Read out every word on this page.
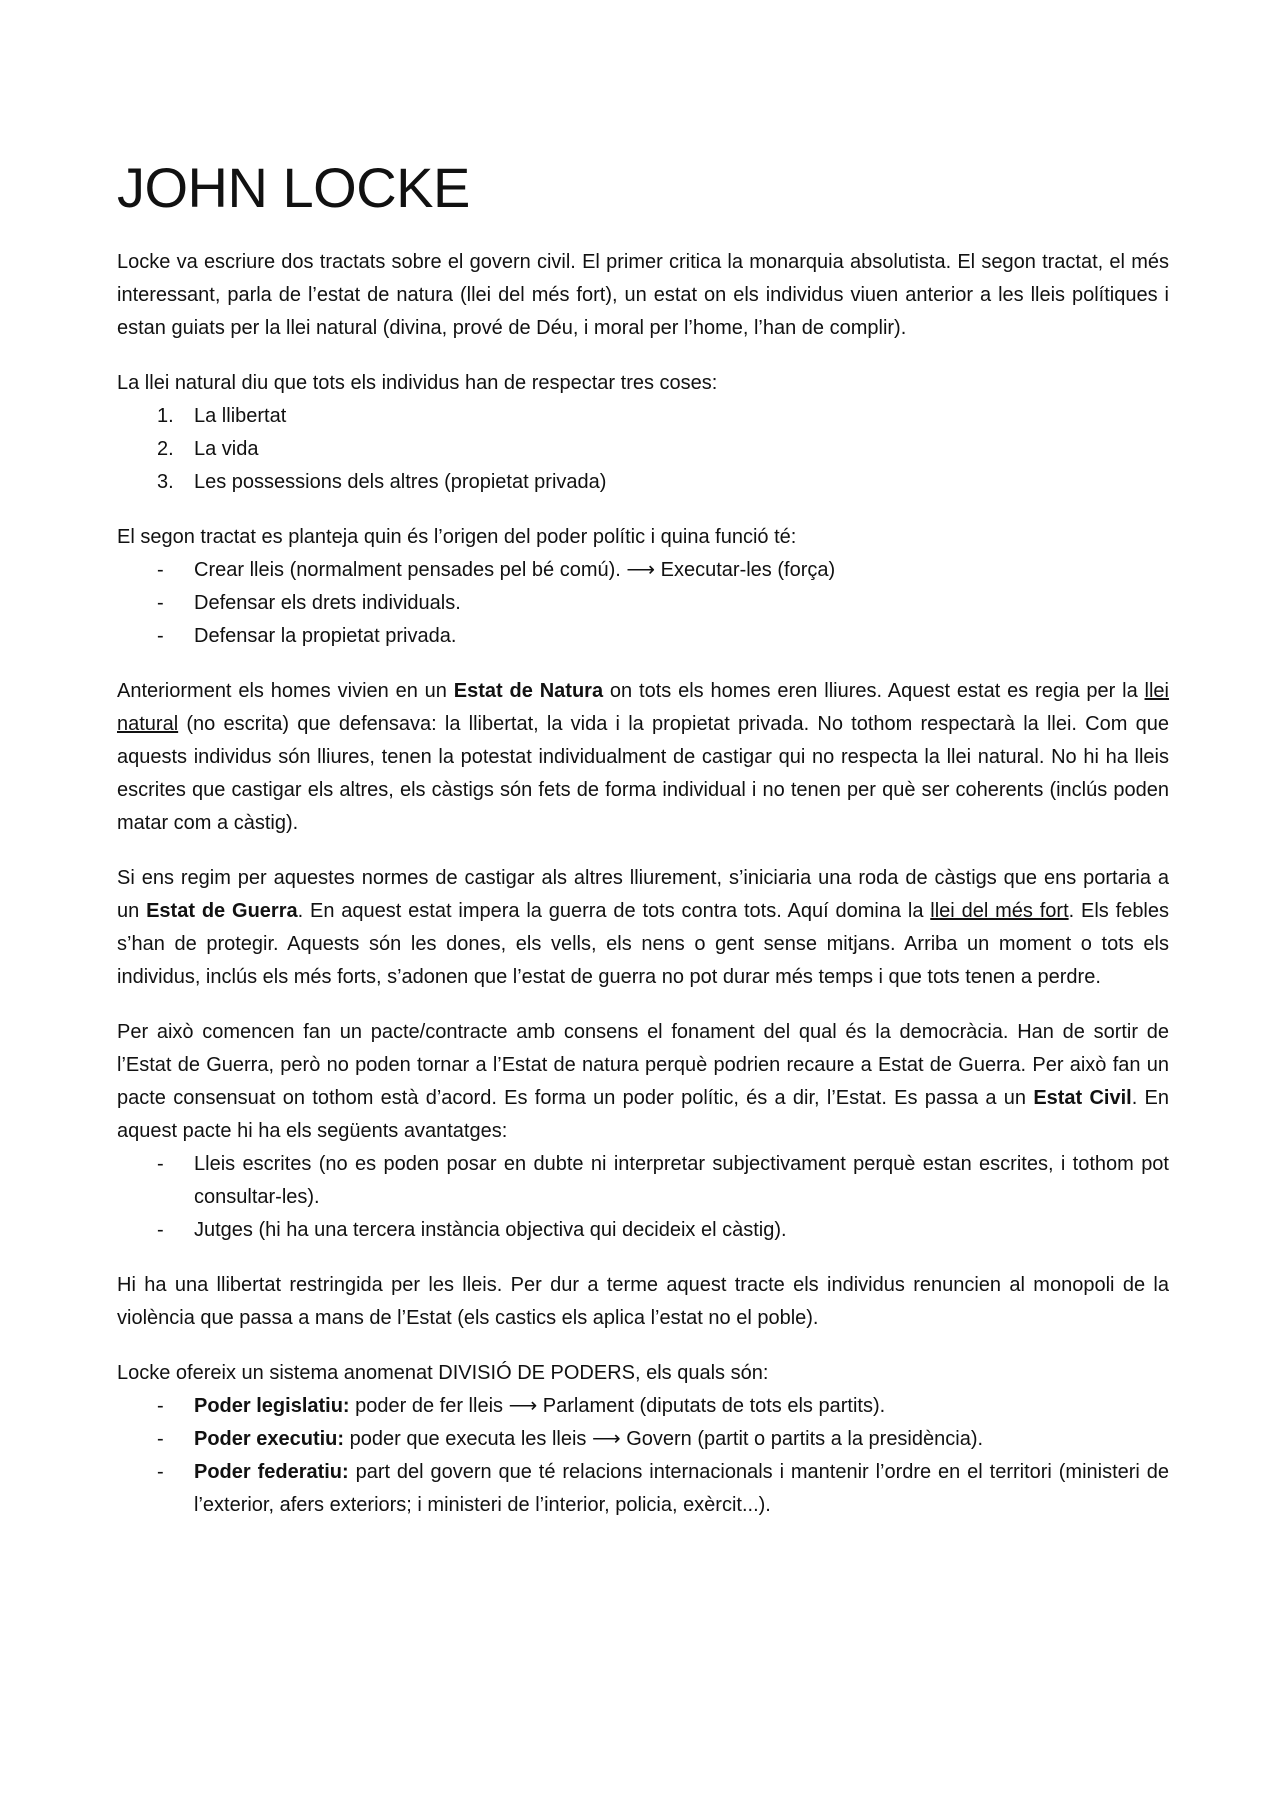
JOHN LOCKE

Locke va escriure dos tractats sobre el govern civil. El primer critica la monarquia absolutista. El segon tractat, el més interessant, parla de l’estat de natura (llei del més fort), un estat on els individus viuen anterior a les lleis polítiques i estan guiats per la llei natural (divina, prové de Déu, i moral per l’home, l’han de complir).

La llei natural diu que tots els individus han de respectar tres coses:

1. La llibertat
2. La vida
3. Les possessions dels altres (propietat privada)

El segon tractat es planteja quin és l’origen del poder polític i quina funció té:

- Crear lleis (normalment pensades pel bé comú). ⟶ Executar-les (força)
- Defensar els drets individuals.
- Defensar la propietat privada.

Anteriorment els homes vivien en un Estat de Natura on tots els homes eren lliures. Aquest estat es regia per la llei natural (no escrita) que defensava: la llibertat, la vida i la propietat privada. No tothom respectarà la llei. Com que aquests individus són lliures, tenen la potestat individualment de castigar qui no respecta la llei natural. No hi ha lleis escrites que castigar els altres, els càstigs són fets de forma individual i no tenen per què ser coherents (inclús poden matar com a càstig).

Si ens regim per aquestes normes de castigar als altres lliurement, s’iniciaria una roda de càstigs que ens portaria a un Estat de Guerra. En aquest estat impera la guerra de tots contra tots. Aquí domina la llei del més fort. Els febles s’han de protegir. Aquests són les dones, els vells, els nens o gent sense mitjans. Arriba un moment o tots els individus, inclús els més forts, s’adonen que l’estat de guerra no pot durar més temps i que tots tenen a perdre.

Per això comencen fan un pacte/contracte amb consens el fonament del qual és la democràcia. Han de sortir de l’Estat de Guerra, però no poden tornar a l’Estat de natura perquè podrien recaure a Estat de Guerra. Per això fan un pacte consensuat on tothom està d’acord. Es forma un poder polític, és a dir, l’Estat. Es passa a un Estat Civil. En aquest pacte hi ha els següents avantatges:

- Lleis escrites (no es poden posar en dubte ni interpretar subjectivament perquè estan escrites, i tothom pot consultar-les).
- Jutges (hi ha una tercera instància objectiva qui decideix el càstig).

Hi ha una llibertat restringida per les lleis. Per dur a terme aquest tracte els individus renuncien al monopoli de la violència que passa a mans de l’Estat (els castics els aplica l’estat no el poble).

Locke ofereix un sistema anomenat DIVISIÓ DE PODERS, els quals són:

- Poder legislatiu: poder de fer lleis ⟶ Parlament (diputats de tots els partits).
- Poder executiu: poder que executa les lleis ⟶ Govern (partit o partits a la presidència).
- Poder federatiu: part del govern que té relacions internacionals i mantenir l’ordre en el territori (ministeri de l’exterior, afers exteriors; i ministeri de l’interior, policia, exèrcit...).
